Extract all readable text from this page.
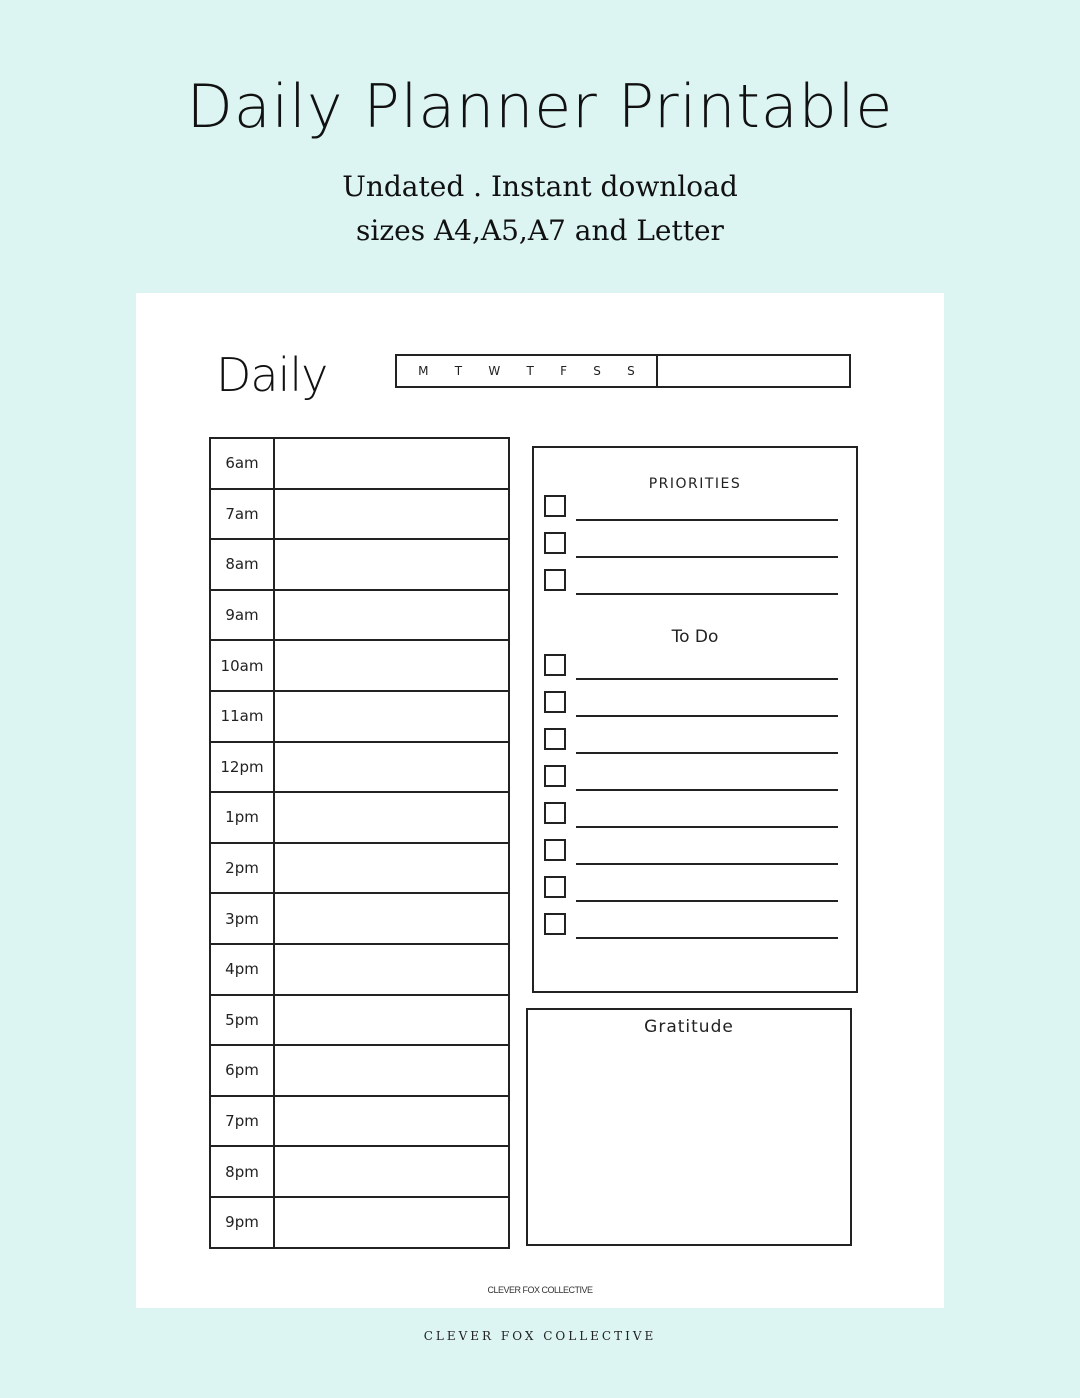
Daily Planner Printable
Undated . Instant download
sizes A4,A5,A7 and Letter
Daily	M T W T F S S
6am
7am
8am
9am
10am
11am
12pm
1pm
2pm
3pm
4pm
5pm
6pm
7pm
8pm
9pm
PRIORITIES
To Do
Gratitude
CLEVER FOX COLLECTIVE
CLEVER FOX COLLECTIVE
